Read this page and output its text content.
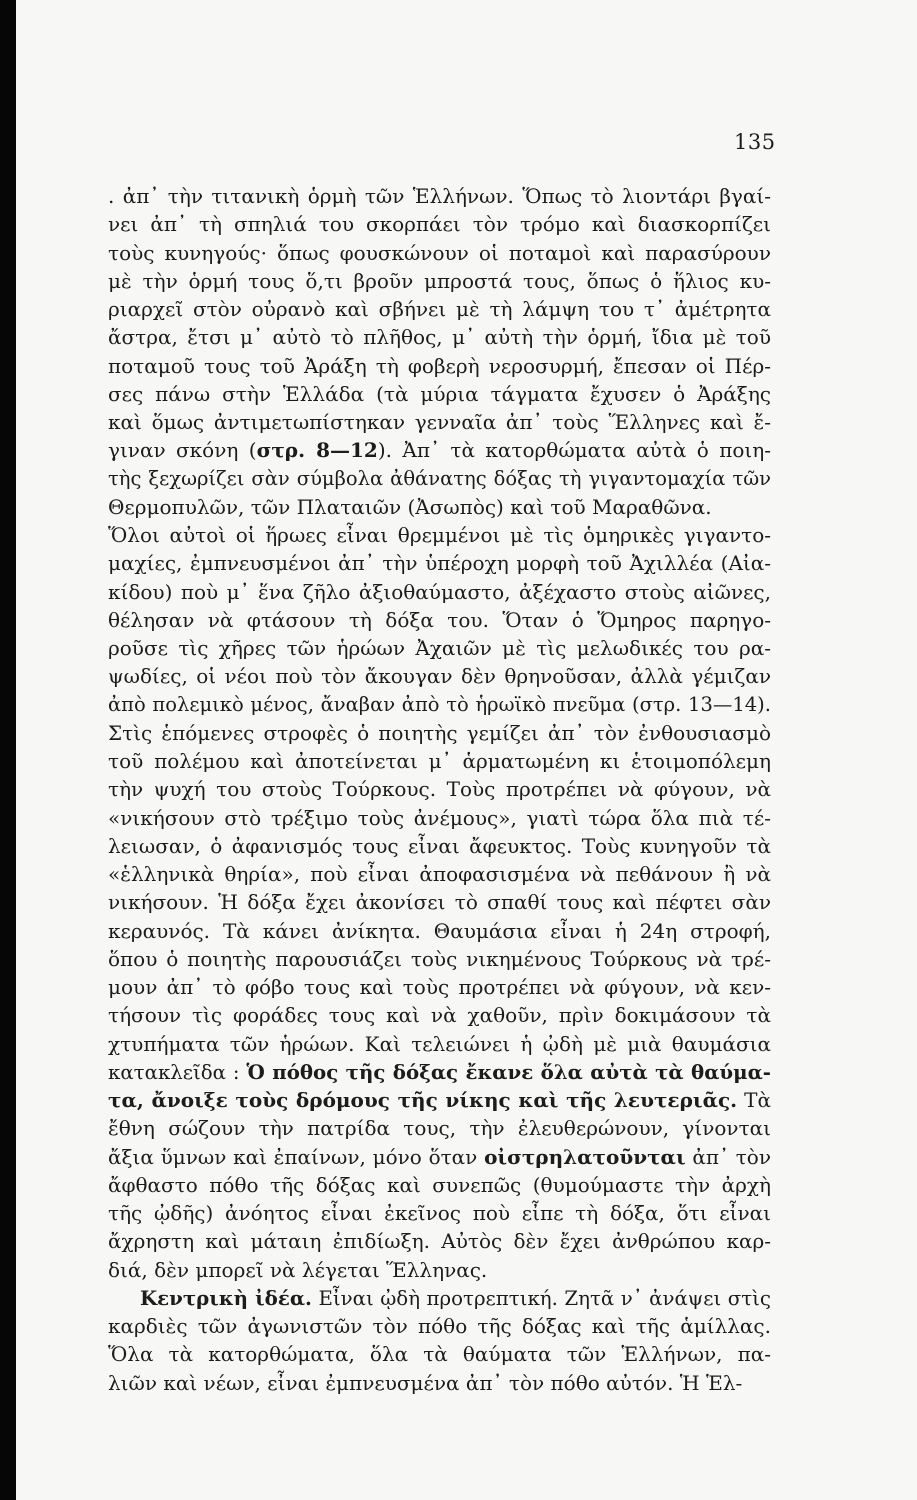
135
. ἀπ᾽ τὴν τιτανικὴ ὁρμὴ τῶν Ἑλλήνων. Ὅπως τὸ λιοντάρι βγαί-
νει ἀπ᾽ τὴ σπηλιά του σκορπάει τὸν τρόμο καὶ διασκορπίζει
τοὺς κυνηγούς· ὅπως φουσκώνουν οἱ ποταμοὶ καὶ παρασύρουν
μὲ τὴν ὁρμή τους ὅ,τι βροῦν μπροστά τους, ὅπως ὁ ἥλιος κυ-
ριαρχεῖ στὸν οὐρανὸ καὶ σβήνει μὲ τὴ λάμψη του τ᾽ ἀμέτρητα
ἄστρα, ἔτσι μ᾽ αὐτὸ τὸ πλῆθος, μ᾽ αὐτὴ τὴν ὁρμή, ἴδια μὲ τοῦ
ποταμοῦ τους τοῦ Ἀράξη τὴ φοβερὴ νεροσυρμή, ἔπεσαν οἱ Πέρ-
σες πάνω στὴν Ἑλλάδα (τὰ μύρια τάγματα ἔχυσεν ὁ Ἀράξης
καὶ ὅμως ἀντιμετωπίστηκαν γενναῖα ἀπ᾽ τοὺς Ἕλληνες καὶ ἔ-
γιναν σκόνη (στρ. 8—12). Ἀπ᾽ τὰ κατορθώματα αὐτὰ ὁ ποιη-
τὴς ξεχωρίζει σὰν σύμβολα ἀθάνατης δόξας τὴ γιγαντομαχία τῶν
Θερμοπυλῶν, τῶν Πλαταιῶν (Ἀσωπὸς) καὶ τοῦ Μαραθῶνα.
Ὅλοι αὐτοὶ οἱ ἥρωες εἶναι θρεμμένοι μὲ τὶς ὁμηρικὲς γιγαντο-
μαχίες, ἐμπνευσμένοι ἀπ᾽ τὴν ὑπέροχη μορφὴ τοῦ Ἀχιλλέα (Αἰα-
κίδου) ποὺ μ᾽ ἕνα ζῆλο ἀξιοθαύμαστο, ἀξέχαστο στοὺς αἰῶνες,
θέλησαν νὰ φτάσουν τὴ δόξα του. Ὅταν ὁ Ὅμηρος παρηγο-
ροῦσε τὶς χῆρες τῶν ἡρώων Ἀχαιῶν μὲ τὶς μελωδικές του ρα-
ψωδίες, οἱ νέοι ποὺ τὸν ἄκουγαν δὲν θρηνοῦσαν, ἀλλὰ γέμιζαν
ἀπὸ πολεμικὸ μένος, ἄναβαν ἀπὸ τὸ ἡρωϊκὸ πνεῦμα (στρ. 13—14).
Στὶς ἑπόμενες στροφὲς ὁ ποιητὴς γεμίζει ἀπ᾽ τὸν ἐνθουσιασμὸ
τοῦ πολέμου καὶ ἀποτείνεται μ᾽ ἁρματωμένη κι ἑτοιμοπόλεμη
τὴν ψυχή του στοὺς Τούρκους. Τοὺς προτρέπει νὰ φύγουν, νὰ
«νικήσουν στὸ τρέξιμο τοὺς ἀνέμους», γιατὶ τώρα ὅλα πιὰ τέ-
λειωσαν, ὁ ἀφανισμός τους εἶναι ἄφευκτος. Τοὺς κυνηγοῦν τὰ
«ἑλληνικὰ θηρία», ποὺ εἶναι ἀποφασισμένα νὰ πεθάνουν ἢ νὰ
νικήσουν. Ἡ δόξα ἔχει ἀκονίσει τὸ σπαθί τους καὶ πέφτει σὰν
κεραυνός. Τὰ κάνει ἀνίκητα. Θαυμάσια εἶναι ἡ 24η στροφή,
ὅπου ὁ ποιητὴς παρουσιάζει τοὺς νικημένους Τούρκους νὰ τρέ-
μουν ἀπ᾽ τὸ φόβο τους καὶ τοὺς προτρέπει νὰ φύγουν, νὰ κεν-
τήσουν τὶς φοράδες τους καὶ νὰ χαθοῦν, πρὶν δοκιμάσουν τὰ
χτυπήματα τῶν ἡρώων. Καὶ τελειώνει ἡ ᾠδὴ μὲ μιὰ θαυμάσια
κατακλεῖδα : Ὁ πόθος τῆς δόξας ἔκανε ὅλα αὐτὰ τὰ θαύμα-
τα, ἄνοιξε τοὺς δρόμους τῆς νίκης καὶ τῆς λευτεριᾶς. Τὰ
ἔθνη σώζουν τὴν πατρίδα τους, τὴν ἐλευθερώνουν, γίνονται
ἄξια ὕμνων καὶ ἐπαίνων, μόνο ὅταν οἰστρηλατοῦνται ἀπ᾽ τὸν
ἄφθαστο πόθο τῆς δόξας καὶ συνεπῶς (θυμούμαστε τὴν ἀρχὴ
τῆς ᾠδῆς) ἀνόητος εἶναι ἐκεῖνος ποὺ εἶπε τὴ δόξα, ὅτι εἶναι
ἄχρηστη καὶ μάταιη ἐπιδίωξη. Αὐτὸς δὲν ἔχει ἀνθρώπου καρ-
διά, δὲν μπορεῖ νὰ λέγεται Ἕλληνας.
Κεντρικὴ ἰδέα. Εἶναι ᾠδὴ προτρεπτική. Ζητᾶ ν᾽ ἀνάψει στὶς
καρδιὲς τῶν ἀγωνιστῶν τὸν πόθο τῆς δόξας καὶ τῆς ἁμίλλας.
Ὅλα τὰ κατορθώματα, ὅλα τὰ θαύματα τῶν Ἑλλήνων, πα-
λιῶν καὶ νέων, εἶναι ἐμπνευσμένα ἀπ᾽ τὸν πόθο αὐτόν. Ἡ Ἑλ-
